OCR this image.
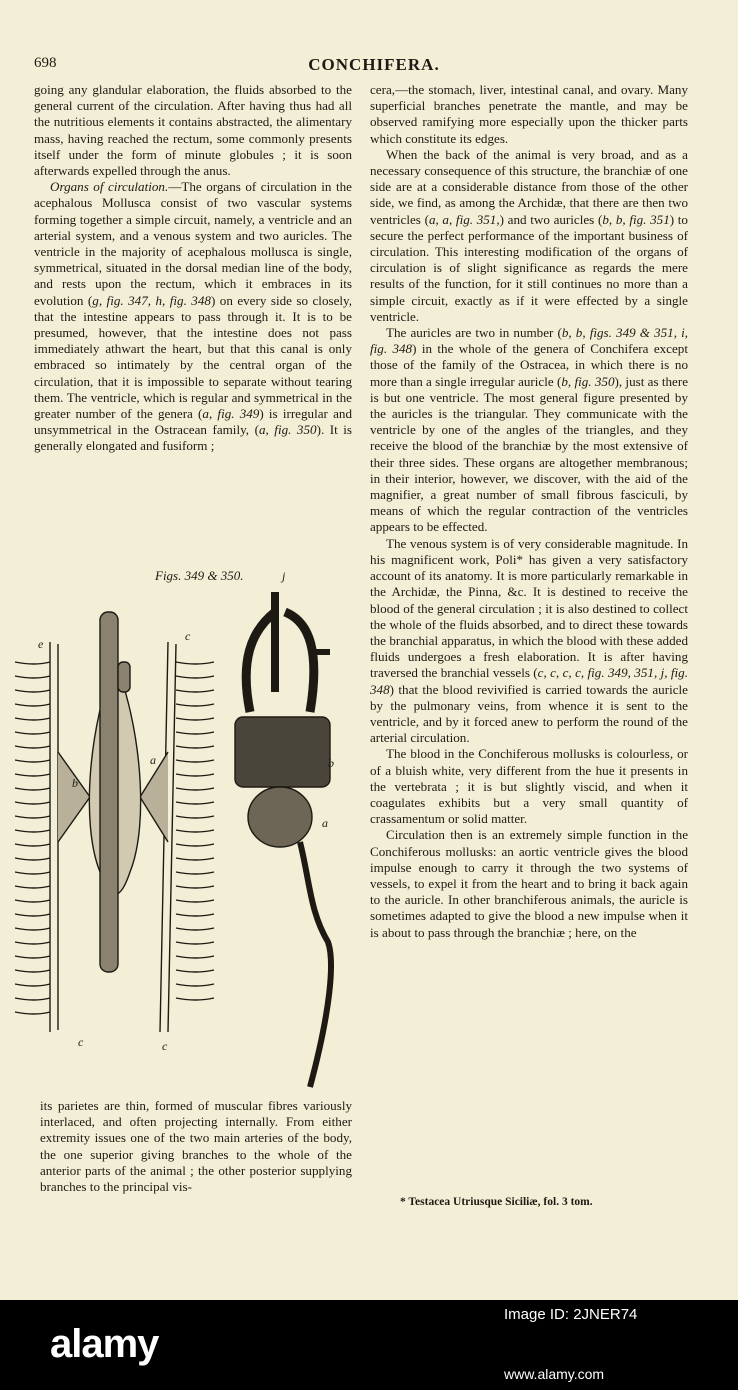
698	CONCHIFERA.

going any glandular elaboration, the fluids absorbed to the general current of the circulation. After having thus had all the nutritious elements it contains abstracted, the alimentary mass, having reached the rectum, some commonly presents itself under the form of minute globules ; it is soon afterwards expelled through the anus.

Organs of circulation.—The organs of circulation in the acephalous Mollusca consist of two vascular systems forming together a simple circuit, namely, a ventricle and an arterial system, and a venous system and two auricles. The ventricle in the majority of acephalous mollusca is single, symmetrical, situated in the dorsal median line of the body, and rests upon the rectum, which it embraces in its evolution (g, fig. 347, h, fig. 348) on every side so closely, that the intestine appears to pass through it. It is to be presumed, however, that the intestine does not pass immediately athwart the heart, but that this canal is only embraced so intimately by the central organ of the circulation, that it is impossible to separate without tearing them. The ventricle, which is regular and symmetrical in the greater number of the genera (a, fig. 349) is irregular and unsymmetrical in the Ostracean family, (a, fig. 350). It is generally elongated and fusiform ;

Figs. 349 & 350.
e
b
a
c	c
c
j
b
a

its parietes are thin, formed of muscular fibres variously interlaced, and often projecting internally. From either extremity issues one of the two main arteries of the body, the one superior giving branches to the whole of the anterior parts of the animal ; the other posterior supplying branches to the principal vis-

cera,—the stomach, liver, intestinal canal, and ovary. Many superficial branches penetrate the mantle, and may be observed ramifying more especially upon the thicker parts which constitute its edges.

When the back of the animal is very broad, and as a necessary consequence of this structure, the branchiæ of one side are at a considerable distance from those of the other side, we find, as among the Archidæ, that there are then two ventricles (a, a, fig. 351,) and two auricles (b, b, fig. 351) to secure the perfect performance of the important business of circulation. This interesting modification of the organs of circulation is of slight significance as regards the mere results of the function, for it still continues no more than a simple circuit, exactly as if it were effected by a single ventricle.

The auricles are two in number (b, b, figs. 349 & 351, i, fig. 348) in the whole of the genera of Conchifera except those of the family of the Ostracea, in which there is no more than a single irregular auricle (b, fig. 350), just as there is but one ventricle. The most general figure presented by the auricles is the triangular. They communicate with the ventricle by one of the angles of the triangles, and they receive the blood of the branchiæ by the most extensive of their three sides. These organs are altogether membranous; in their interior, however, we discover, with the aid of the magnifier, a great number of small fibrous fasciculi, by means of which the regular contraction of the ventricles appears to be effected.

The venous system is of very considerable magnitude. In his magnificent work, Poli* has given a very satisfactory account of its anatomy. It is more particularly remarkable in the Archidæ, the Pinna, &c. It is destined to receive the blood of the general circulation ; it is also destined to collect the whole of the fluids absorbed, and to direct these towards the branchial apparatus, in which the blood with these added fluids undergoes a fresh elaboration. It is after having traversed the branchial vessels (c, c, c, c, fig. 349, 351, j, fig. 348) that the blood revivified is carried towards the auricle by the pulmonary veins, from whence it is sent to the ventricle, and by it forced anew to perform the round of the arterial circulation.

The blood in the Conchiferous mollusks is colourless, or of a bluish white, very different from the hue it presents in the vertebrata ; it is but slightly viscid, and when it coagulates exhibits but a very small quantity of crassamentum or solid matter.

Circulation then is an extremely simple function in the Conchiferous mollusks: an aortic ventricle gives the blood impulse enough to carry it through the two systems of vessels, to expel it from the heart and to bring it back again to the auricle. In other branchiferous animals, the auricle is sometimes adapted to give the blood a new impulse when it is about to pass through the branchiæ ; here, on the

* Testacea Utriusque Siciliæ, fol. 3 tom.
alamy
Image ID: 2JNER74
www.alamy.com
